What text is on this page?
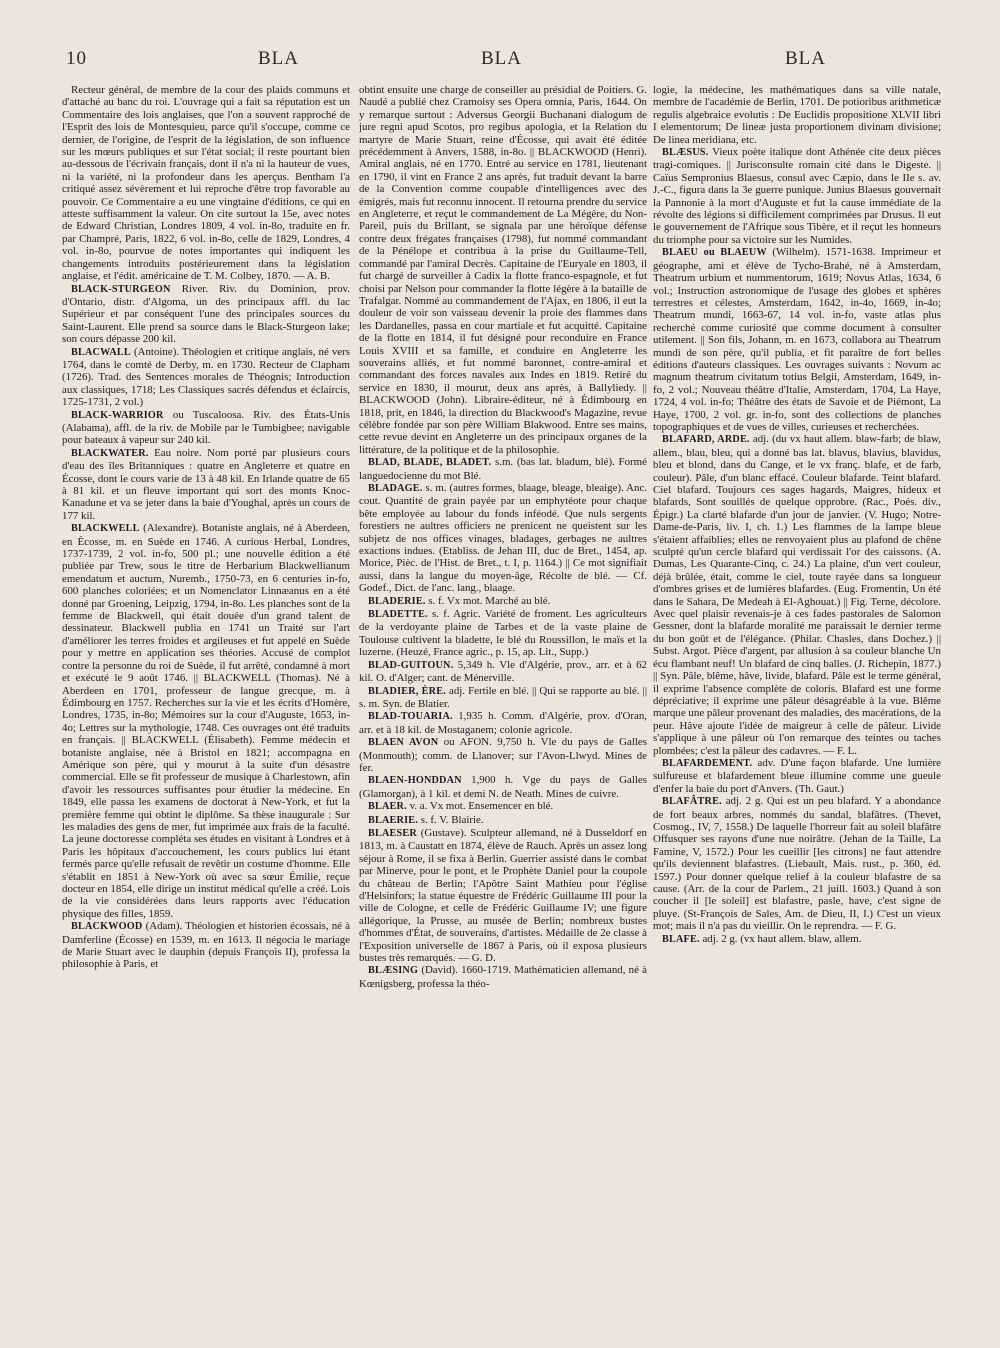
10	BLA	BLA	BLA

Recteur général, de membre de la cour des plaids communs et d'attaché au banc du roi. L'ouvrage qui a fait sa réputation est un Commentaire des lois anglaises, que l'on a souvent rapproché de l'Esprit des lois de Montesquieu, parce qu'il s'occupe, comme ce dernier, de l'origine, de l'esprit de la législation, de son influence sur les mœurs publiques et sur l'état social; il reste pourtant bien au-dessous de l'écrivain français, dont il n'a ni la hauteur de vues, ni la variété, ni la profondeur dans les aperçus. Bentham l'a critiqué assez sévèrement et lui reproche d'être trop favorable au pouvoir. Ce Commentaire a eu une vingtaine d'éditions, ce qui en atteste suffisamment la valeur. On cite surtout la 15e, avec notes de Edward Christian, Londres 1809, 4 vol. in-8o, traduite en fr. par Champré, Paris, 1822, 6 vol. in-8o, celle de 1829, Londres, 4 vol. in-8o, pourvue de notes importantes qui indiquent les changements introduits postérieurement dans la législation anglaise, et l'édit. américaine de T. M. Colbey, 1870. — A. B.

BLACK-STURGEON River. Riv. du Dominion, prov. d'Ontario, distr. d'Algoma, un des principaux affl. du lac Supérieur et par conséquent l'une des principales sources du Saint-Laurent. Elle prend sa source dans le Black-Sturgeon lake; son cours dépasse 200 kil.

BLACWALL (Antoine). Théologien et critique anglais, né vers 1764, dans le comté de Derby, m. en 1730. Recteur de Clapham (1726). Trad. des Sentences morales de Théognis; Introduction aux classiques, 1718; Les Classiques sacrés défendus et éclaircis, 1725-1731, 2 vol.)

BLACK-WARRIOR ou Tuscaloosa. Riv. des États-Unis (Alabama), affl. de la riv. de Mobile par le Tumbigbee; navigable pour bateaux à vapeur sur 240 kil.

BLACKWATER. Eau noire. Nom porté par plusieurs cours d'eau des îles Britanniques : quatre en Angleterre et quatre en Écosse, dont le cours varie de 13 à 48 kil. En Irlande quatre de 65 à 81 kil. et un fleuve important qui sort des monts Knoc-Kanadune et va se jeter dans la baie d'Youghal, après un cours de 177 kil.

BLACKWELL (Alexandre). Botaniste anglais, né à Aberdeen, en Écosse, m. en Suède en 1746. A curious Herbal, Londres, 1737-1739, 2 vol. in-fo, 500 pl.; une nouvelle édition a été publiée par Trew, sous le titre de Herbarium Blackwellianum emendatum et auctum, Nuremb., 1750-73, en 6 centuries in-fo, 600 planches coloriées; et un Nomenclator Linnæanus en a été donné par Groening, Leipzig, 1794, in-8o. Les planches sont de la femme de Blackwell, qui était douée d'un grand talent de dessinateur. Blackwell publia en 1741 un Traité sur l'art d'améliorer les terres froides et argileuses et fut appelé en Suède pour y mettre en application ses théories. Accusé de complot contre la personne du roi de Suède, il fut arrêté, condamné à mort et exécuté le 9 août 1746. || BLACKWELL (Thomas). Né à Aberdeen en 1701, professeur de langue grecque, m. à Édimbourg en 1757. Recherches sur la vie et les écrits d'Homère, Londres, 1735, in-8o; Mémoires sur la cour d'Auguste, 1653, in-4o; Lettres sur la mythologie, 1748. Ces ouvrages ont été traduits en français. || BLACKWELL (Élisabeth). Femme médecin et botaniste anglaise, née à Bristol en 1821; accompagna en Amérique son père, qui y mourut à la suite d'un désastre commercial. Elle se fit professeur de musique à Charlestown, afin d'avoir les ressources suffisantes pour étudier la médecine. En 1849, elle passa les examens de doctorat à New-York, et fut la première femme qui obtint le diplôme. Sa thèse inaugurale : Sur les maladies des gens de mer, fut imprimée aux frais de la faculté. La jeune doctoresse compléta ses études en visitant à Londres et à Paris les hôpitaux d'accouchement, les cours publics lui étant fermés parce qu'elle refusait de revêtir un costume d'homme. Elle s'établit en 1851 à New-York où avec sa sœur Émilie, reçue docteur en 1854, elle dirige un institut médical qu'elle a créé. Lois de la vie considérées dans leurs rapports avec l'éducation physique des filles, 1859.

BLACKWOOD (Adam). Théologien et historien écossais, né à Damferline (Écosse) en 1539, m. en 1613. Il négocia le mariage de Marie Stuart avec le dauphin (depuis François II), professa la philosophie à Paris, et

obtint ensuite une charge de conseiller au présidial de Poitiers. G. Naudé a publié chez Cramoisy ses Opera omnia, Paris, 1644. On y remarque surtout : Adversus Georgii Buchanani dialogum de jure regni apud Scotos, pro regibus apologia, et la Relation du martyre de Marie Stuart, reine d'Écosse, qui avait été éditée précédemment à Anvers, 1588, in-8o. || BLACKWOOD (Henri). Amiral anglais, né en 1770. Entré au service en 1781, lieutenant en 1790, il vint en France 2 ans après, fut traduit devant la barre de la Convention comme coupable d'intelligences avec des émigrés, mais fut reconnu innocent. Il retourna prendre du service en Angleterre, et reçut le commandement de La Mégère, du Non-Pareil, puis du Brillant, se signala par une héroïque défense contre deux frégates françaises (1798), fut nommé commandant de la Pénélope et contribua à la prise du Guillaume-Tell, commandé par l'amiral Decrès. Capitaine de l'Euryale en 1803, il fut chargé de surveiller à Cadix la flotte franco-espagnole, et fut choisi par Nelson pour commander la flotte légère à la bataille de Trafalgar. Nommé au commandement de l'Ajax, en 1806, il eut la douleur de voir son vaisseau devenir la proie des flammes dans les Dardanelles, passa en cour martiale et fut acquitté. Capitaine de la flotte en 1814, il fut désigné pour reconduire en France Louis XVIII et sa famille, et conduire en Angleterre les souverains alliés, et fut nommé baronnet, contre-amiral et commandant des forces navales aux Indes en 1819. Retiré du service en 1830, il mourut, deux ans après, à Ballyliedy. || BLACKWOOD (John). Libraire-éditeur, né à Édimbourg en 1818, prit, en 1846, la direction du Blackwood's Magazine, revue célèbre fondée par son père William Blakwood. Entre ses mains, cette revue devint en Angleterre un des principaux organes de la littérature, de la politique et de la philosophie.

BLAD, BLADE, BLADET. s.m. (bas lat. bladum, blé). Formé languedocienne du mot Blé.

BLADAGE. s. m. (autres formes, blaage, bleage, bleaige). Anc. cout. Quantité de grain payée par un emphytéote pour chaque bête employée au labour du fonds inféodé. Que nuls sergents forestiers ne aultres officiers ne prenicent ne queistent sur les subjetz de nos offices vinages, bladages, gerbages ne aultres exactions indues. (Etabliss. de Jehan III, duc de Bret., 1454, ap. Morice, Pièc. de l'Hist. de Bret., t. I, p. 1164.) || Ce mot signifiait aussi, dans la langue du moyen-âge, Récolte de blé. — Cf. Godef., Dict. de l'anc. lang., blaage.

BLADERIE. s. f. Vx mot. Marché au blé.

BLADETTE. s. f. Agric. Variété de froment. Les agriculteurs de la verdoyante plaine de Tarbes et de la vaste plaine de Toulouse cultivent la bladette, le blé du Roussillon, le maïs et la luzerne. (Heuzé, France agric., p. 15, ap. Lit., Supp.)

BLAD-GUITOUN. 5,349 h. Vle d'Algérie, prov., arr. et à 62 kil. O. d'Alger; cant. de Ménerville.

BLADIER, ÈRE. adj. Fertile en blé. || Qui se rapporte au blé. || s. m. Syn. de Blatier.

BLAD-TOUARIA. 1,935 h. Comm. d'Algérie, prov. d'Oran, arr. et à 18 kil. de Mostaganem; colonie agricole.

BLAEN AVON ou AFON. 9,750 h. Vle du pays de Galles (Monmouth); comm. de Llanover; sur l'Avon-Llwyd. Mines de fer.

BLAEN-HONDDAN 1,900 h. Vge du pays de Galles (Glamorgan), à 1 kil. et demi N. de Neath. Mines de cuivre.

BLAER. v. a. Vx mot. Ensemencer en blé.

BLAERIE. s. f. V. Blairie.

BLAESER (Gustave). Sculpteur allemand, né à Dusseldorf en 1813, m. à Caustatt en 1874, élève de Rauch. Après un assez long séjour à Rome, il se fixa à Berlin. Guerrier assisté dans le combat par Minerve, pour le pont, et le Prophète Daniel pour la coupole du château de Berlin; l'Apôtre Saint Mathieu pour l'église d'Helsinfors; la statue équestre de Frédéric Guillaume III pour la ville de Cologne, et celle de Frédéric Guillaume IV; une figure allégorique, la Prusse, au musée de Berlin; nombreux bustes d'hommes d'État, de souverains, d'artistes. Médaille de 2e classe à l'Exposition universelle de 1867 à Paris, où il exposa plusieurs bustes très remarqués. — G. D.

BLÆSING (David). 1660-1719. Mathématicien allemand, né à Kœnigsberg, professa la théo-

logie, la médecine, les mathématiques dans sa ville natale, membre de l'académie de Berlin, 1701. De potioribus arithmeticæ regulis algebraice evolutis : De Euclidis propositione XLVII libri I elementorum; De lineæ justa proportionem divinam divisione; De linea meridiana, etc.

BLÆSUS. Vieux poète italique dont Athénée cite deux pièces tragi-comiques. || Jurisconsulte romain cité dans le Digeste. || Caïus Sempronius Blaesus, consul avec Cæpio, dans le IIe s. av. J.-C., figura dans la 3e guerre punique. Junius Blaesus gouvernait la Pannonie à la mort d'Auguste et fut la cause immédiate de la révolte des légions si difficilement comprimées par Drusus. Il eut le gouvernement de l'Afrique sous Tibère, et il reçut les honneurs du triomphe pour sa victoire sur les Numides.

BLAEU ou BLAEUW (Wilhelm). 1571-1638. Imprimeur et géographe, ami et élève de Tycho-Brahé, né à Amsterdam, Theatrum urbium et nummentorum, 1619; Novus Atlas, 1634, 6 vol.; Instruction astronomique de l'usage des globes et sphères terrestres et célestes, Amsterdam, 1642, in-4o, 1669, in-4o; Theatrum mundi, 1663-67, 14 vol. in-fo, vaste atlas plus recherché comme curiosité que comme document à consulter utilement. || Son fils, Johann, m. en 1673, collabora au Theatrum mundi de son père, qu'il publia, et fit paraître de fort belles éditions d'auteurs classiques. Les ouvrages suivants : Novum ac magnum theatrum civitatum totius Belgii, Amsterdam, 1649, in-fo, 2 vol.; Nouveau théâtre d'Italie, Amsterdam, 1704, La Haye, 1724, 4 vol. in-fo; Théâtre des états de Savoie et de Piémont, La Haye, 1700, 2 vol. gr. in-fo, sont des collections de planches topographiques et de vues de villes, curieuses et recherchées.

BLAFARD, ARDE. adj. (du vx haut allem. blaw-farb; de blaw, allem., blau, bleu, qui a donné bas lat. blavus, blavius, blavidus, bleu et blond, dans du Cange, et le vx franç. blafe, et de farb, couleur). Pâle, d'un blanc effacé. Couleur blafarde. Teint blafard. Ciel blafard. Toujours ces sages hagards, Maigres, hideux et blafards, Sont souillés de quelque opprobre. (Rac., Poés. div., Épigr.) La clarté blafarde d'un jour de janvier. (V. Hugo; Notre-Dame-de-Paris, liv. I, ch. 1.) Les flammes de la lampe bleue s'étaient affaiblies; elles ne renvoyaient plus au plafond de chêne sculpté qu'un cercle blafard qui verdissait l'or des caissons. (A. Dumas, Les Quarante-Cinq, c. 24.) La plaine, d'un vert couleur, déjà brûlée, était, comme le ciel, toute rayée dans sa longueur d'ombres grises et de lumières blafardes. (Eug. Fromentin, Un été dans le Sahara, De Medeah à El-Aghouat.) || Fig. Terne, décolore. Avec quel plaisir revenais-je à ces fades pastorales de Salomon Gessner, dont la blafarde moralité me paraissait le dernier terme du bon goût et de l'élégance. (Philar. Chasles, dans Dochez.) || Subst. Argot. Pièce d'argent, par allusion à sa couleur blanche Un écu flambant neuf! Un blafard de cinq balles. (J. Richepin, 1877.) || Syn. Pâle, blême, hâve, livide, blafard. Pâle est le terme général, il exprime l'absence complète de coloris. Blafard est une forme dépréciative; il exprime une pâleur désagréable à la vue. Blême marque une pâleur provenant des maladies, des macérations, de la peur. Hâve ajoute l'idée de maigreur à celle de pâleur. Livide s'applique à une pâleur où l'on remarque des teintes ou taches plombées; c'est la pâleur des cadavres. — F. L.

BLAFARDEMENT. adv. D'une façon blafarde. Une lumière sulfureuse et blafardement bleue illumine comme une gueule d'enfer la baie du port d'Anvers. (Th. Gaut.)

BLAFÂTRE. adj. 2 g. Qui est un peu blafard. Y a abondance de fort beaux arbres, nommés du sandal, blafâtres. (Thevet, Cosmog., IV, 7, 1558.) De laquelle l'horreur fait au soleil blafâtre Offusquer ses rayons d'une nue noirâtre. (Jehan de la Taille, La Famine, V, 1572.) Pour les cueillir [les citrons] ne faut attendre qu'ils deviennent blafastres. (Liebault, Mais. rust., p. 360, éd. 1597.) Pour donner quelque relief à la couleur blafastre de sa cause. (Arr. de la cour de Parlem., 21 juill. 1603.) Quand à son coucher il [le soleil] est blafastre, pasle, have, c'est signe de pluye. (St-François de Sales, Am. de Dieu, II, I.) C'est un vieux mot; mais il n'a pas du vieillir. On le reprendra. — F. G.

BLAFE. adj. 2 g. (vx haut allem. blaw, allem.
